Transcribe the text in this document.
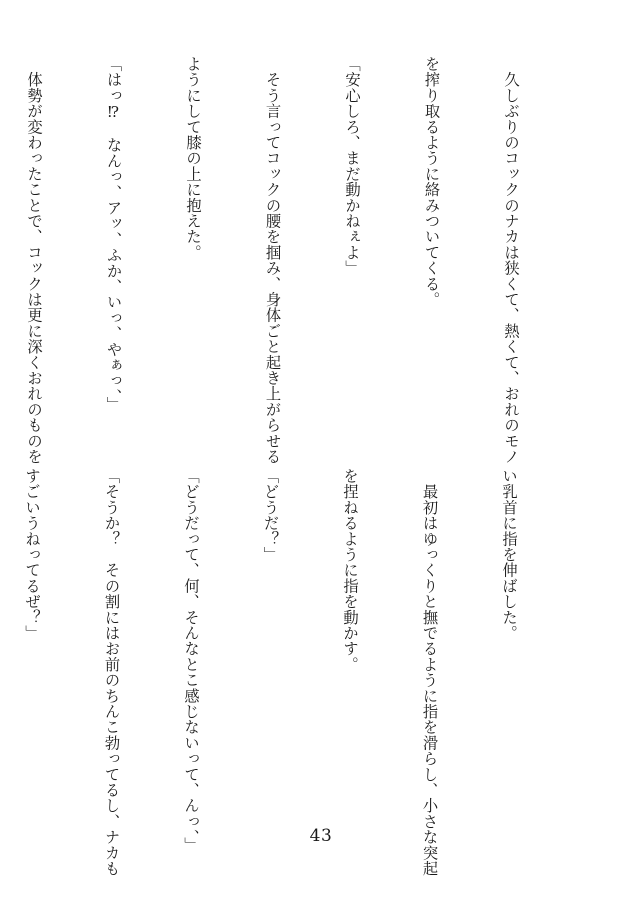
　久しぶりのコックのナカは狭くて、熱くて、おれのモノ

を搾り取るように絡みついてくる。

「安心しろ、まだ動かねぇよ」

　そう言ってコックの腰を掴み、身体ごと起き上がらせる

ようにして膝の上に抱えた。

「はっ⁉　なんっ、アッ、ふか、いっ、やぁっ、」

　体勢が変わったことで、コックは更に深くおれのものを

い乳首に指を伸ばした。

　最初はゆっくりと撫でるように指を滑らし、小さな突起

を捏ねるように指を動かす。

「どうだ？」

「どうだって、何、そんなとこ感じないって、んっ、」

「そうか？　その割にはお前のちんこ勃ってるし、ナカも

すごいうねってるぜ？」

43
